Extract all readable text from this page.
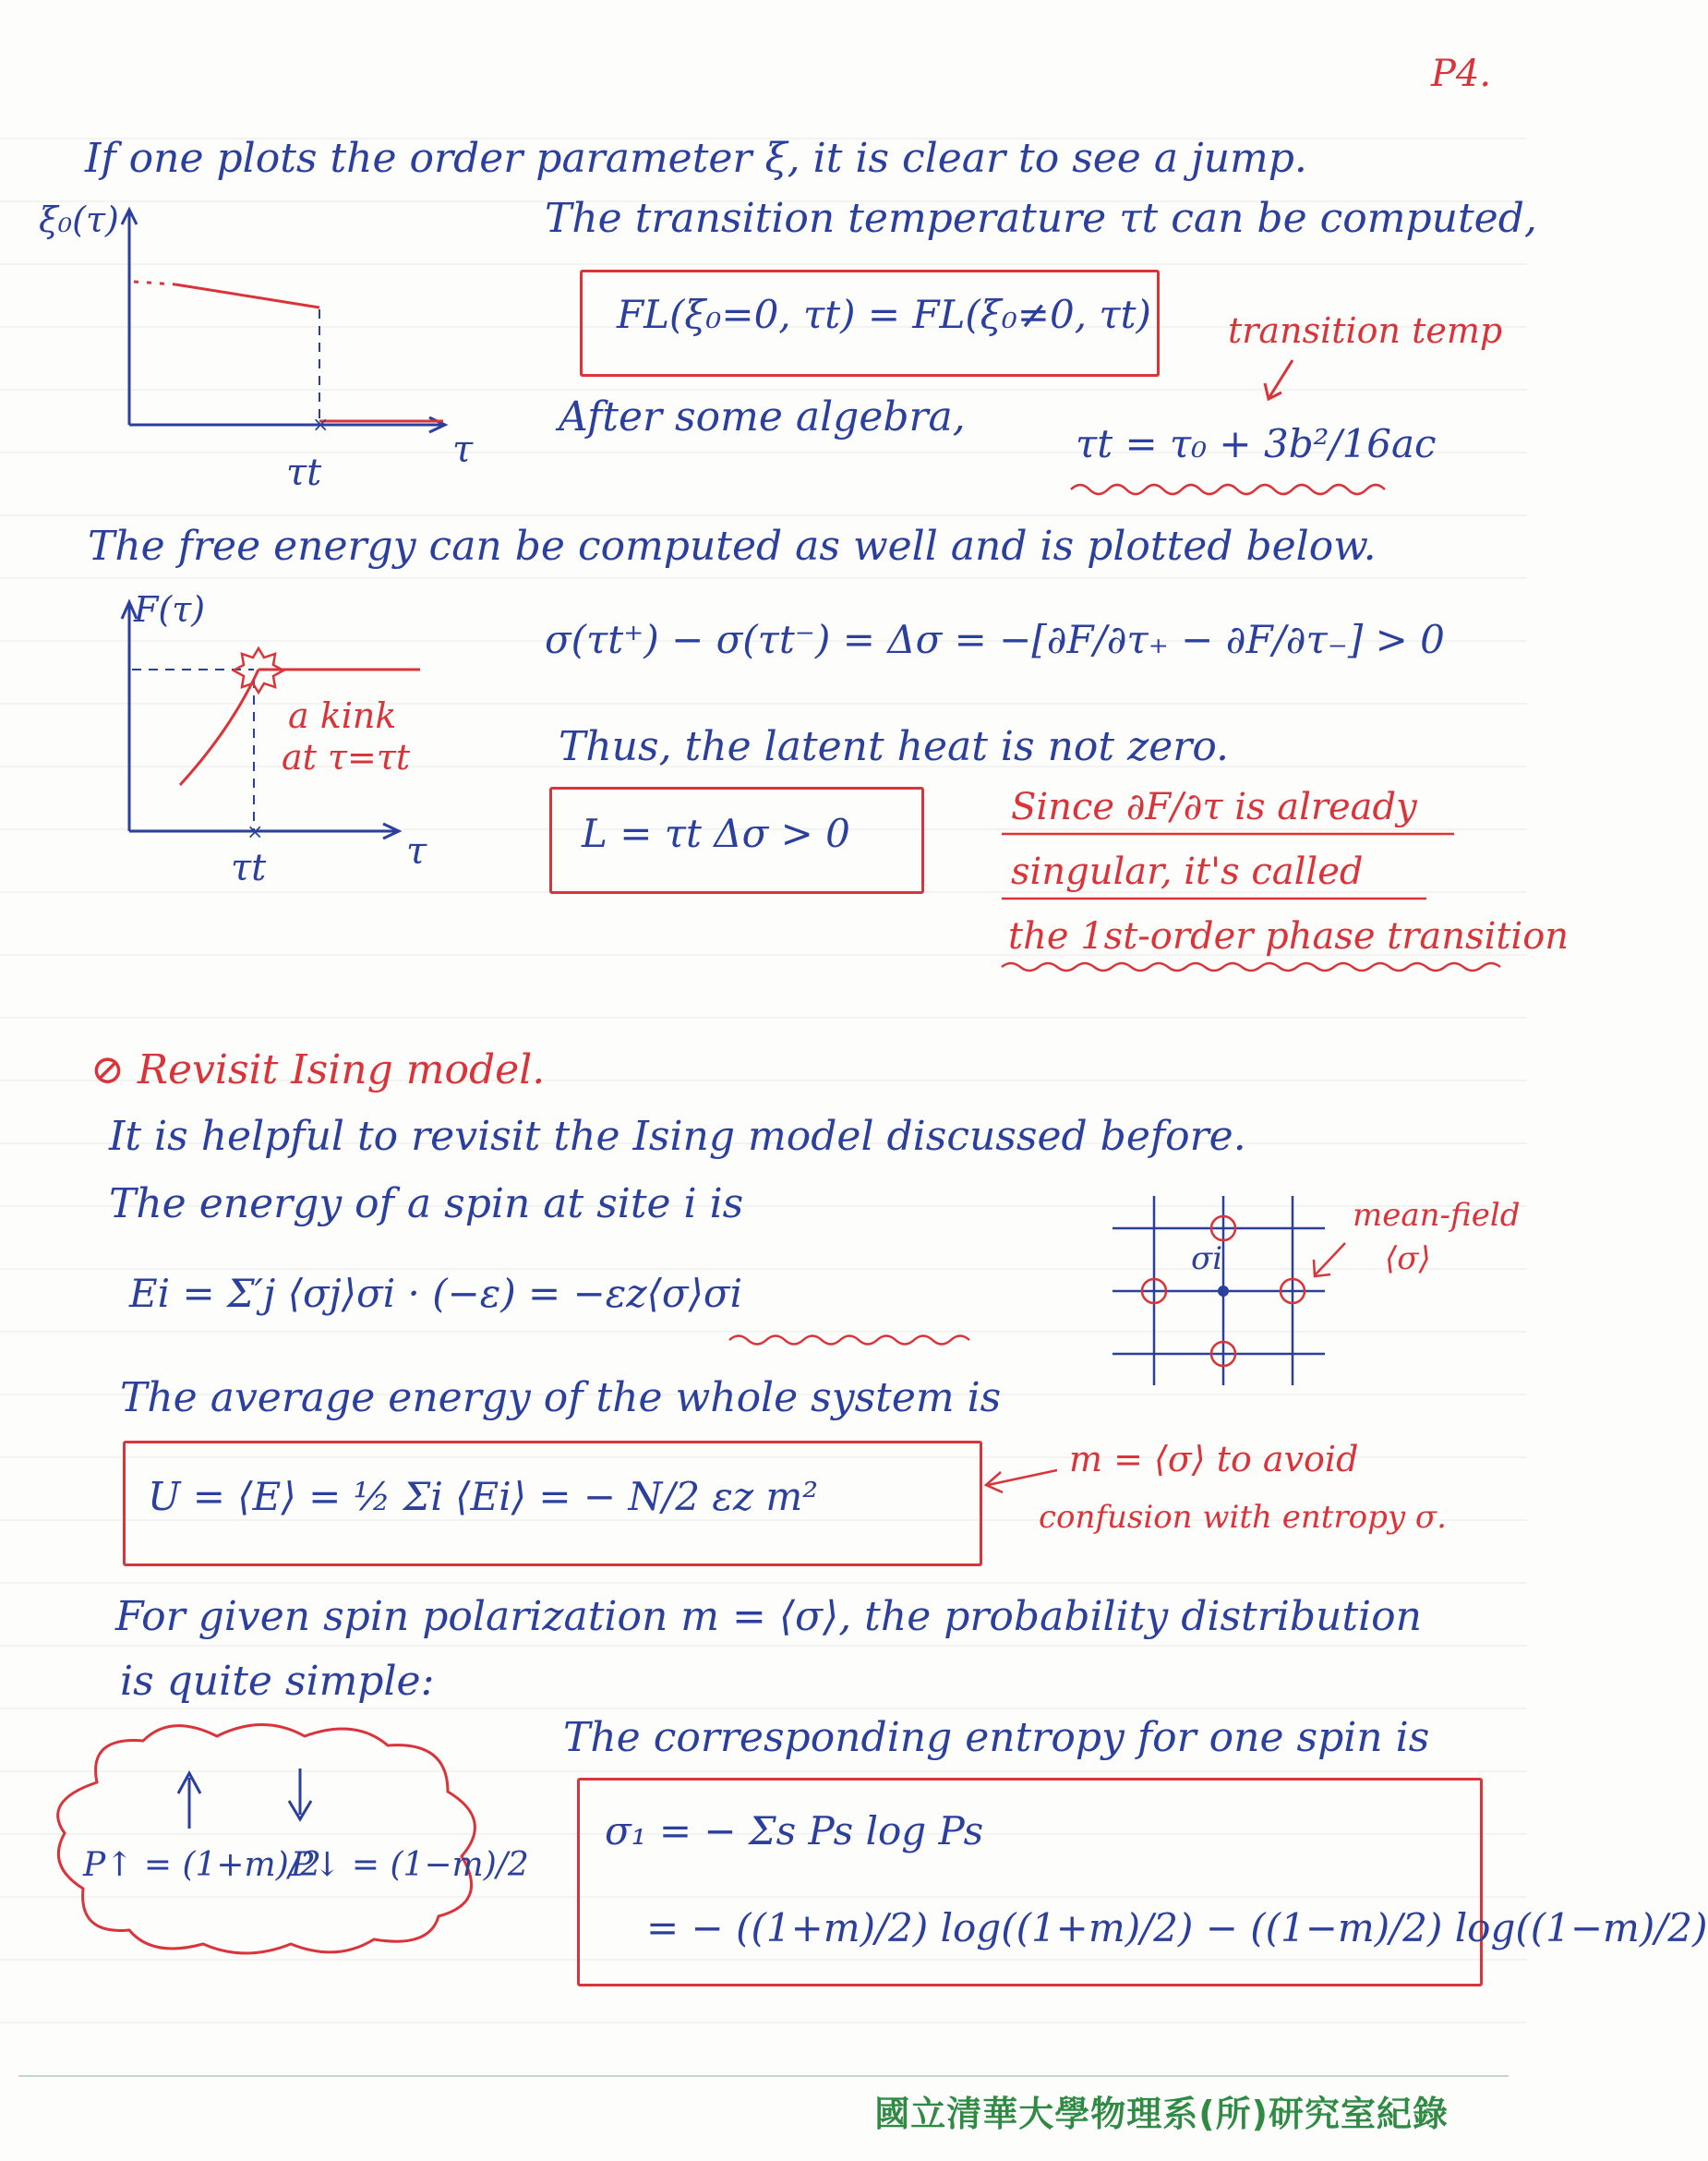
P4.
If one plots the order parameter ξ, it is clear to see a jump.
×
ξ₀(τ)
τt
τ
The transition temperature τt can be computed,
FL(ξ₀=0, τt) = FL(ξ₀≠0, τt) transition temp
After some algebra,
τt = τ₀ + 3b²/16ac
The free energy can be computed as well and is plotted below.
×
F(τ)
a kink
at τ=τt
τt	τ
σ(τt⁺) − σ(τt⁻) = Δσ = −[∂F/∂τ₊ − ∂F/∂τ₋] > 0
Thus, the latent heat is not zero.
L = τt Δσ > 0
Since ∂F/∂τ is already
singular, it's called
the 1st-order phase transition
⊘ Revisit Ising model.
It is helpful to revisit the Ising model discussed before.
The energy of a spin at site i is
Ei = Σ′j ⟨σj⟩σi · (−ε) = −εz⟨σ⟩σi
σi
mean-field
⟨σ⟩
The average energy of the whole system is
U = ⟨E⟩ = ½ Σi ⟨Ei⟩ = − N/2 εz m²
m = ⟨σ⟩ to avoid
confusion with entropy σ.
For given spin polarization m = ⟨σ⟩, the probability distribution
is quite simple:
P↑ = (1+m)/2
P↓ = (1−m)/2
The corresponding entropy for one spin is
σ₁ = − Σs Ps log Ps
= − ((1+m)/2) log((1+m)/2) − ((1−m)/2) log((1−m)/2)
國立清華大學物理系(所)研究室紀錄
